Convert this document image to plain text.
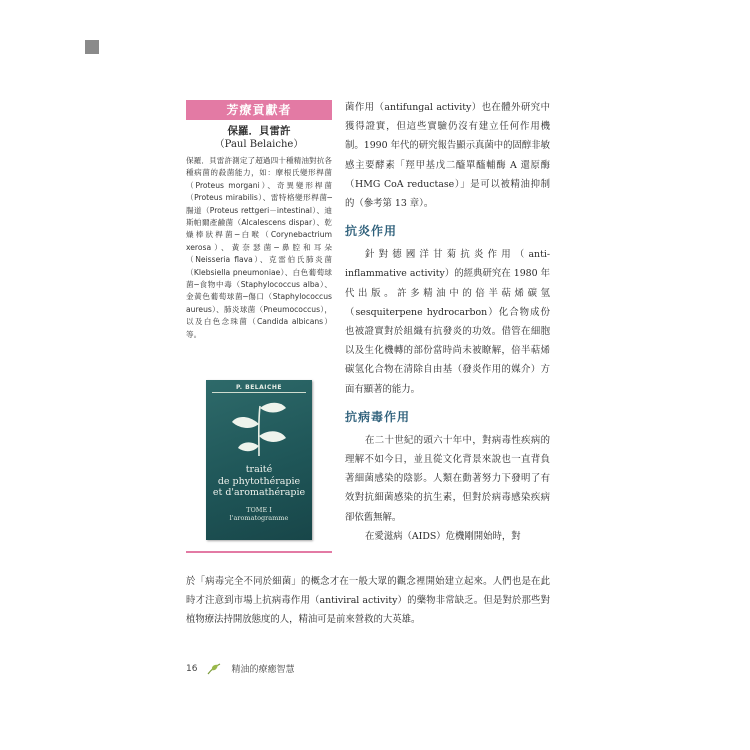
芳療貢獻者
保羅．貝雷許
（Paul Belaiche）
保羅．貝雷許測定了超過四十種精油對抗各種病菌的殺菌能力，如：摩根氏變形桿菌（Proteus morgani）、奇異變形桿菌（Proteus mirabilis）、雷特格變形桿菌─腸道（Proteus rettgeri－intestinal）、迪斯帕爾產鹼菌（Alcalescens dispar）、乾燥棒狀桿菌─白喉（Corynebactrium xerosa）、黃奈瑟菌─鼻腔和耳朵（Neisseria flava）、克雷伯氏肺炎菌（Klebsiella pneumoniae）、白色葡萄球菌─食物中毒（Staphylococcus alba）、金黃色葡萄球菌─傷口（Staphylococcus aureus）、肺炎球菌（Pneumococcus），以及白色念珠菌（Candida albicans）等。
P. BELAICHE
traité
de phytothérapie
et d'aromathérapie
TOME I
l'aromatogramme

菌作用（antifungal activity）也在體外研究中獲得證實，但這些實驗仍沒有建立任何作用機制。1990 年代的研究報告顯示真菌中的固醇非敏感主要酵素「羥甲基戊二醯單醯輔酶 A 還原酶（HMG CoA reductase）」是可以被精油抑制的（參考第 13 章）。

抗炎作用

針對德國洋甘菊抗炎作用（anti-inflammative activity）的經典研究在 1980 年代出版。許多精油中的倍半萜烯碳氫（sesquiterpene hydrocarbon）化合物成份也被證實對於組織有抗發炎的功效。借管在細胞以及生化機轉的部份當時尚未被瞭解，倍半萜烯碳氫化合物在清除自由基（發炎作用的媒介）方面有顯著的能力。

抗病毒作用

在二十世紀的頭六十年中，對病毒性疾病的理解不如今日，並且從文化背景來說也一直背負著細菌感染的陰影。人類在動著努力下發明了有效對抗細菌感染的抗生素，但對於病毒感染疾病卻依舊無解。

在愛滋病（AIDS）危機剛開始時，對

於「病毒完全不同於細菌」的概念才在一般大眾的觀念裡開始建立起來。人們也是在此時才注意到市場上抗病毒作用（antiviral activity）的藥物非常缺乏。但是對於那些對植物療法持開放態度的人，精油可是前來營救的大英雄。

16	精油的療癒智慧
